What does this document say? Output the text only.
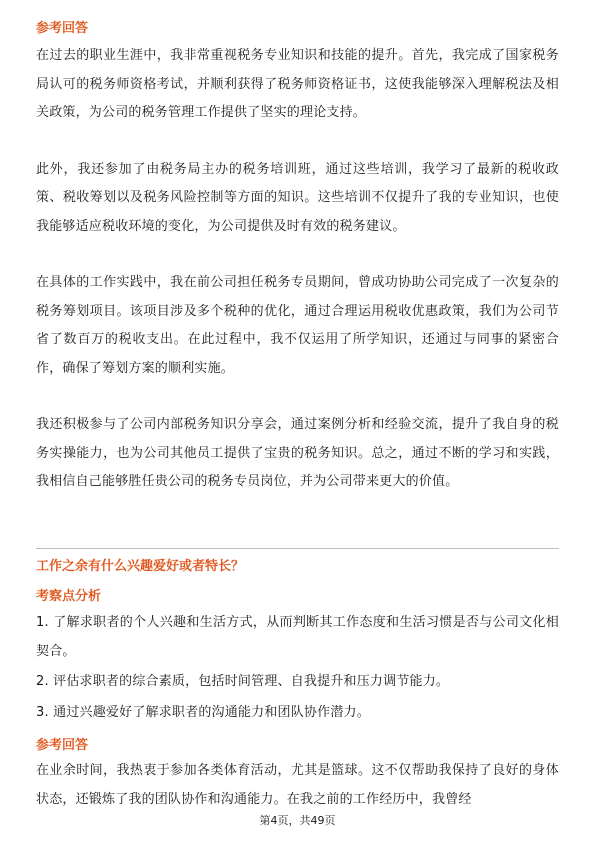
参考回答

在过去的职业生涯中，我非常重视税务专业知识和技能的提升。首先，我完成了国家税务局认可的税务师资格考试，并顺利获得了税务师资格证书，这使我能够深入理解税法及相关政策，为公司的税务管理工作提供了坚实的理论支持。

此外，我还参加了由税务局主办的税务培训班，通过这些培训，我学习了最新的税收政策、税收筹划以及税务风险控制等方面的知识。这些培训不仅提升了我的专业知识，也使我能够适应税收环境的变化，为公司提供及时有效的税务建议。

在具体的工作实践中，我在前公司担任税务专员期间，曾成功协助公司完成了一次复杂的税务筹划项目。该项目涉及多个税种的优化，通过合理运用税收优惠政策，我们为公司节省了数百万的税收支出。在此过程中，我不仅运用了所学知识，还通过与同事的紧密合作，确保了筹划方案的顺利实施。

我还积极参与了公司内部税务知识分享会，通过案例分析和经验交流，提升了我自身的税务实操能力，也为公司其他员工提供了宝贵的税务知识。总之，通过不断的学习和实践，我相信自己能够胜任贵公司的税务专员岗位，并为公司带来更大的价值。

工作之余有什么兴趣爱好或者特长？

考察点分析

1. 了解求职者的个人兴趣和生活方式，从而判断其工作态度和生活习惯是否与公司文化相契合。

2. 评估求职者的综合素质，包括时间管理、自我提升和压力调节能力。

3. 通过兴趣爱好了解求职者的沟通能力和团队协作潜力。

参考回答

在业余时间，我热衷于参加各类体育活动，尤其是篮球。这不仅帮助我保持了良好的身体状态，还锻炼了我的团队协作和沟通能力。在我之前的工作经历中，我曾经

第4页，共49页
